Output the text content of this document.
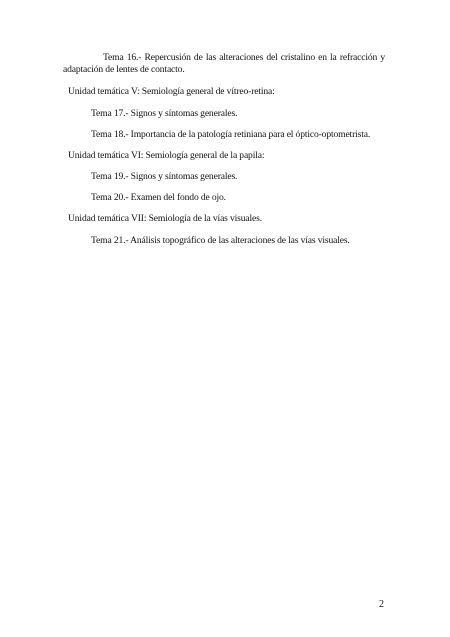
Tema 16.- Repercusión de las alteraciones del cristalino en la refracción y adaptación de lentes de contacto.
Unidad temática V: Semiología general de vítreo-retina:
Tema 17.- Signos y síntomas generales.
Tema 18.- Importancia de la patología retiniana para el óptico-optometrista.
Unidad temática VI: Semiología general de la papila:
Tema 19.- Signos y síntomas generales.
Tema 20.- Examen del fondo de ojo.
Unidad temática VII: Semiología de la vías visuales.
Tema 21.- Análisis topográfico de las alteraciones de las vías visuales.
2
